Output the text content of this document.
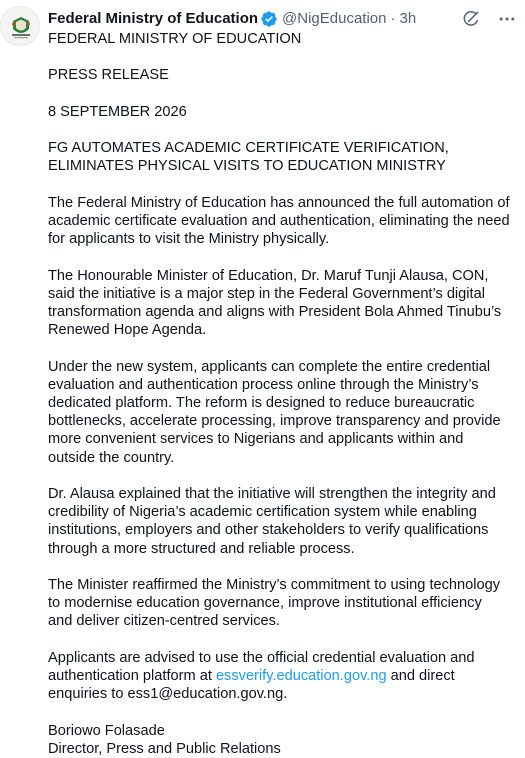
Federal Ministry of Education @NigEducation · 3h

FEDERAL MINISTRY OF EDUCATION

PRESS RELEASE

8 SEPTEMBER 2026

FG AUTOMATES ACADEMIC CERTIFICATE VERIFICATION, ELIMINATES PHYSICAL VISITS TO EDUCATION MINISTRY

The Federal Ministry of Education has announced the full automation of academic certificate evaluation and authentication, eliminating the need for applicants to visit the Ministry physically.

The Honourable Minister of Education, Dr. Maruf Tunji Alausa, CON, said the initiative is a major step in the Federal Government’s digital transformation agenda and aligns with President Bola Ahmed Tinubu’s Renewed Hope Agenda.

Under the new system, applicants can complete the entire credential evaluation and authentication process online through the Ministry’s dedicated platform. The reform is designed to reduce bureaucratic bottlenecks, accelerate processing, improve transparency and provide more convenient services to Nigerians and applicants within and outside the country.

Dr. Alausa explained that the initiative will strengthen the integrity and credibility of Nigeria’s academic certification system while enabling institutions, employers and other stakeholders to verify qualifications through a more structured and reliable process.

The Minister reaffirmed the Ministry’s commitment to using technology to modernise education governance, improve institutional efficiency and deliver citizen-centred services.

Applicants are advised to use the official credential evaluation and authentication platform at essverify.education.gov.ng and direct enquiries to ess1@education.gov.ng.

Boriowo Folasade

Director, Press and Public Relations
